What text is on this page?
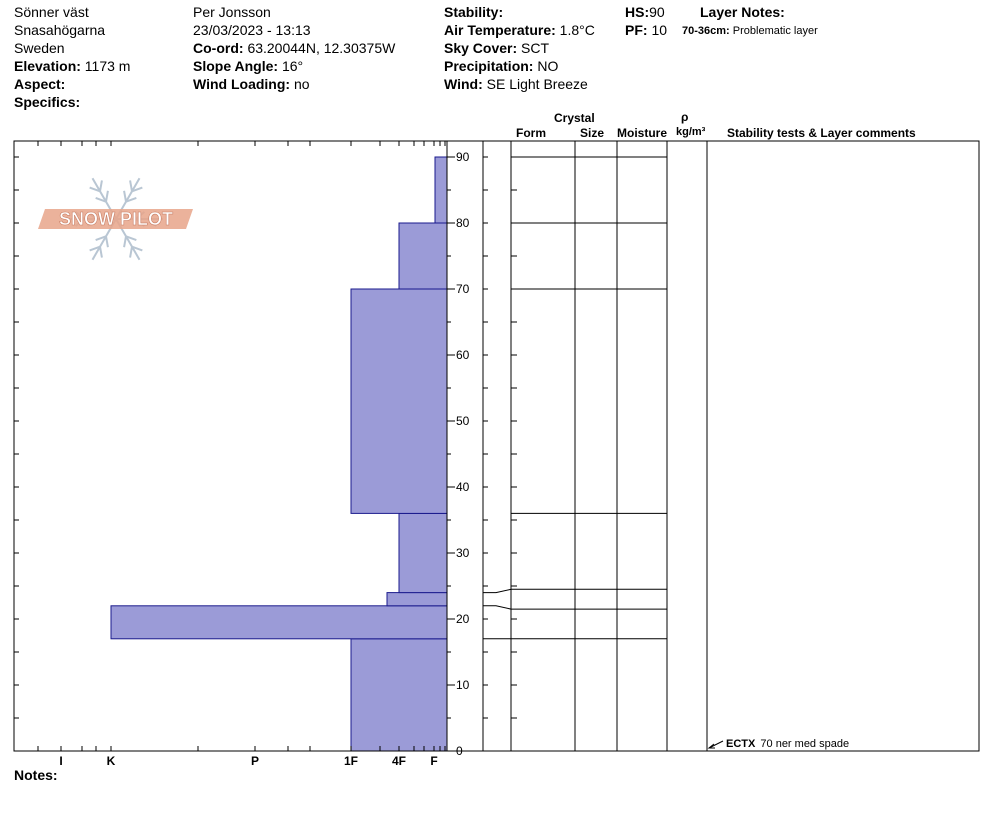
Sönner väst
Snasahögarna
Sweden
Elevation: 1173 m
Aspect:
Specifics:
Per Jonsson
23/03/2023 - 13:13
Co-ord: 63.20044N, 12.30375W
Slope Angle: 16°
Wind Loading: no
Stability:
Air Temperature: 1.8°C
Sky Cover: SCT
Precipitation: NO
Wind: SE Light Breeze
HS:90
PF: 10
Layer Notes:
70-36cm: Problematic layer
Crystal
Form	Size Moisture
ρ
kg/m³ Stability tests & Layer comments
0
10
20
30
40
50
60
70
80
90
I	K	P	1F	4F F
SNOW PILOT
Notes:
ECTX 70 ner med spade
